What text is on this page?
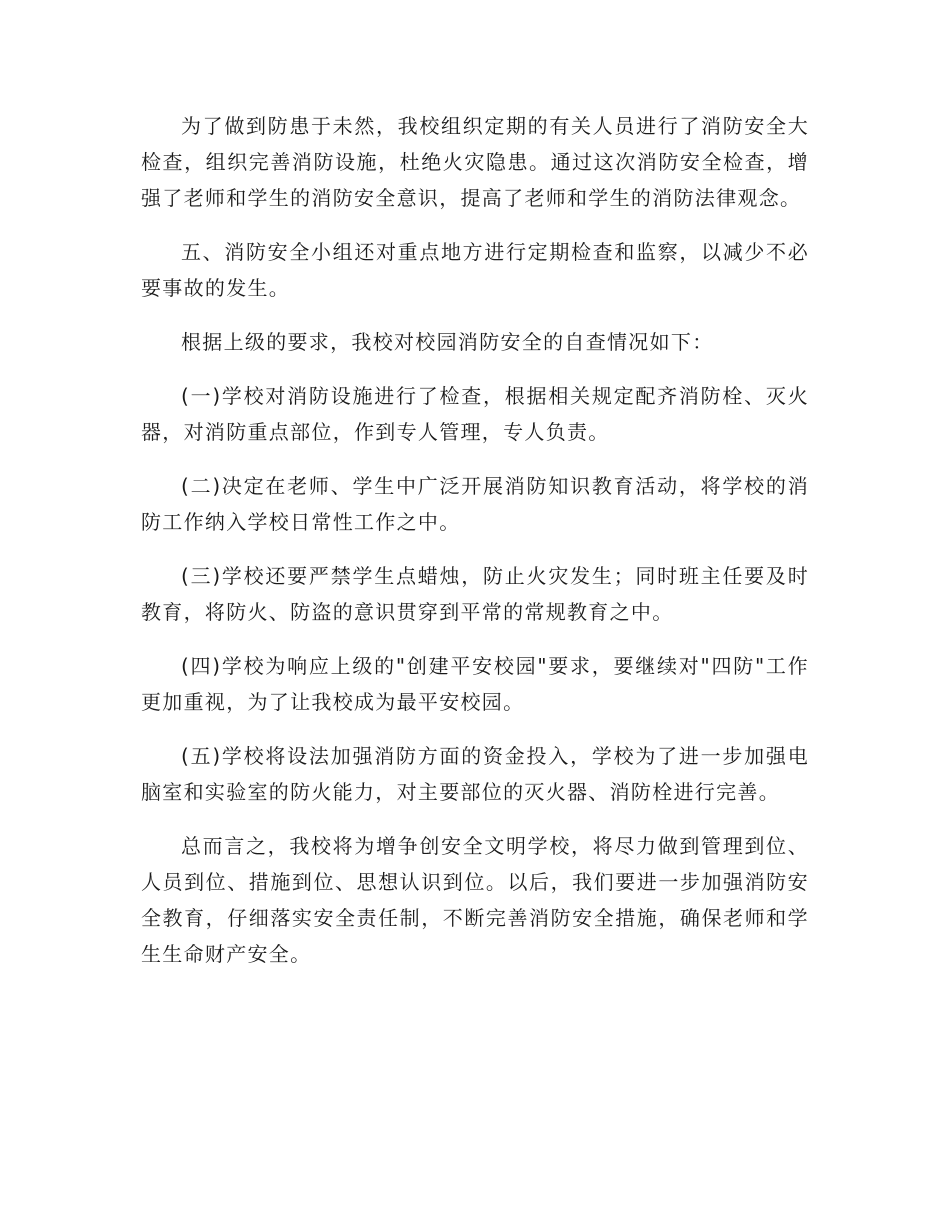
为了做到防患于未然，我校组织定期的有关人员进行了消防安全大检查，组织完善消防设施，杜绝火灾隐患。通过这次消防安全检查，增强了老师和学生的消防安全意识，提高了老师和学生的消防法律观念。

五、消防安全小组还对重点地方进行定期检查和监察，以减少不必要事故的发生。

根据上级的要求，我校对校园消防安全的自查情况如下：

(一)学校对消防设施进行了检查，根据相关规定配齐消防栓、灭火器，对消防重点部位，作到专人管理，专人负责。

(二)决定在老师、学生中广泛开展消防知识教育活动，将学校的消防工作纳入学校日常性工作之中。

(三)学校还要严禁学生点蜡烛，防止火灾发生；同时班主任要及时教育，将防火、防盗的意识贯穿到平常的常规教育之中。

(四)学校为响应上级的"创建平安校园"要求，要继续对"四防"工作更加重视，为了让我校成为最平安校园。

(五)学校将设法加强消防方面的资金投入，学校为了进一步加强电脑室和实验室的防火能力，对主要部位的灭火器、消防栓进行完善。

总而言之，我校将为增争创安全文明学校，将尽力做到管理到位、人员到位、措施到位、思想认识到位。以后，我们要进一步加强消防安全教育，仔细落实安全责任制，不断完善消防安全措施，确保老师和学生生命财产安全。
